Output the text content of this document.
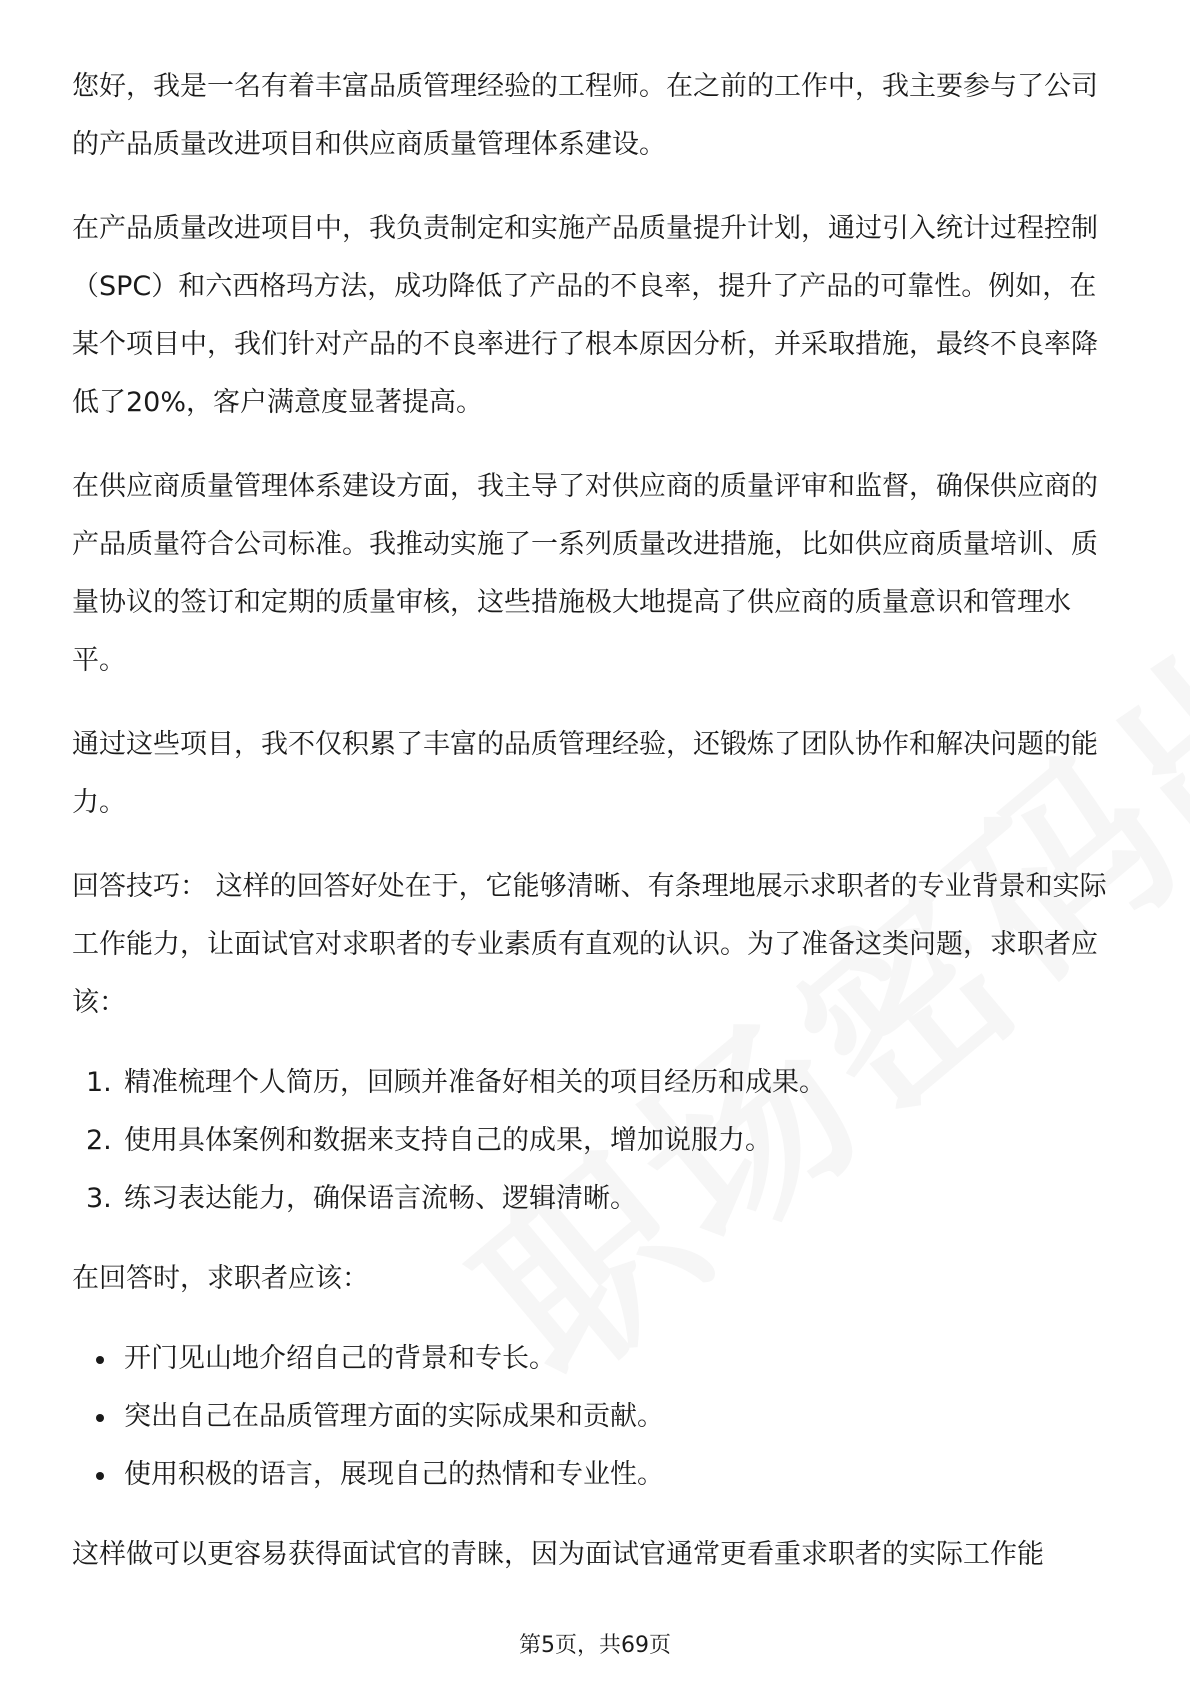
您好，我是一名有着丰富品质管理经验的工程师。在之前的工作中，我主要参与了公司的产品质量改进项目和供应商质量管理体系建设。

在产品质量改进项目中，我负责制定和实施产品质量提升计划，通过引入统计过程控制（SPC）和六西格玛方法，成功降低了产品的不良率，提升了产品的可靠性。例如，在某个项目中，我们针对产品的不良率进行了根本原因分析，并采取措施，最终不良率降低了20%，客户满意度显著提高。

在供应商质量管理体系建设方面，我主导了对供应商的质量评审和监督，确保供应商的产品质量符合公司标准。我推动实施了一系列质量改进措施，比如供应商质量培训、质量协议的签订和定期的质量审核，这些措施极大地提高了供应商的质量意识和管理水平。

通过这些项目，我不仅积累了丰富的品质管理经验，还锻炼了团队协作和解决问题的能力。

回答技巧： 这样的回答好处在于，它能够清晰、有条理地展示求职者的专业背景和实际工作能力，让面试官对求职者的专业素质有直观的认识。为了准备这类问题，求职者应该：

1. 精准梳理个人简历，回顾并准备好相关的项目经历和成果。
2. 使用具体案例和数据来支持自己的成果，增加说服力。
3. 练习表达能力，确保语言流畅、逻辑清晰。

在回答时，求职者应该：

开门见山地介绍自己的背景和专长。
突出自己在品质管理方面的实际成果和贡献。
使用积极的语言，展现自己的热情和专业性。

这样做可以更容易获得面试官的青睐，因为面试官通常更看重求职者的实际工作能

第5页，共69页
